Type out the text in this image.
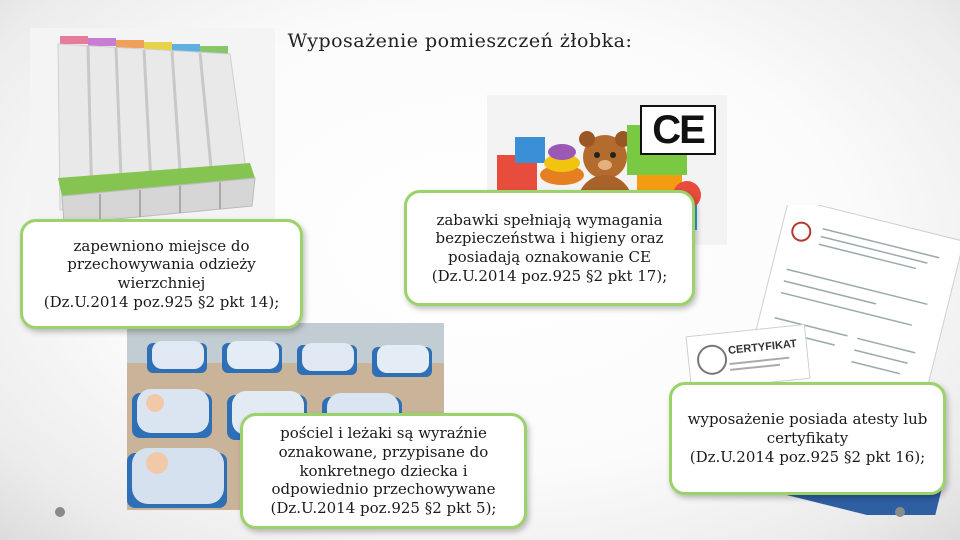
Wyposażenie pomieszczeń żłobka:
CE
CERTYFIKAT
zapewniono miejsce do
przechowywania odzieży
wierzchniej
(Dz.U.2014 poz.925 §2 pkt 14);
zabawki spełniają wymagania
bezpieczeństwa i higieny oraz
posiadają oznakowanie CE
(Dz.U.2014 poz.925 §2 pkt 17);
pościel i leżaki są wyraźnie
oznakowane, przypisane do
konkretnego dziecka i
odpowiednio przechowywane
(Dz.U.2014 poz.925 §2 pkt 5);
wyposażenie posiada atesty lub
certyfikaty
(Dz.U.2014 poz.925 §2 pkt 16);
